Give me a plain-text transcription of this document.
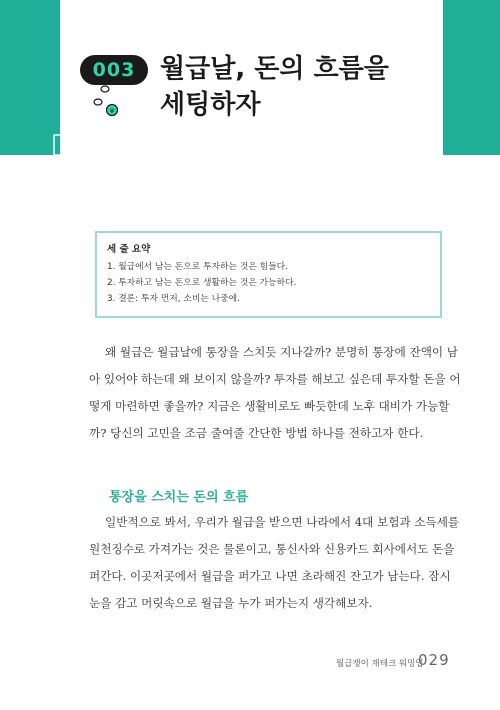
003 월급날, 돈의 흐름을
세팅하자
¥
세 줄 요약
1. 월급에서 남는 돈으로 투자하는 것은 힘들다.
2. 투자하고 남는 돈으로 생활하는 것은 가능하다.
3. 결론: 투자 먼저, 소비는 나중에.

왜 월급은 월급날에 통장을 스치듯 지나갈까? 분명히 통장에 잔액이 남
아 있어야 하는데 왜 보이지 않을까? 투자를 해보고 싶은데 투자할 돈을 어
떻게 마련하면 좋을까? 지금은 생활비로도 빠듯한데 노후 대비가 가능할
까? 당신의 고민을 조금 줄여줄 간단한 방법 하나를 전하고자 한다.

통장을 스치는 돈의 흐름

일반적으로 봐서, 우리가 월급을 받으면 나라에서 4대 보험과 소득세를
원천징수로 가져가는 것은 물론이고, 통신사와 신용카드 회사에서도 돈을
퍼간다. 이곳저곳에서 월급을 퍼가고 나면 초라해진 잔고가 남는다. 잠시
눈을 감고 머릿속으로 월급을 누가 퍼가는지 생각해보자.

월급쟁이 재테크 워밍업
029
